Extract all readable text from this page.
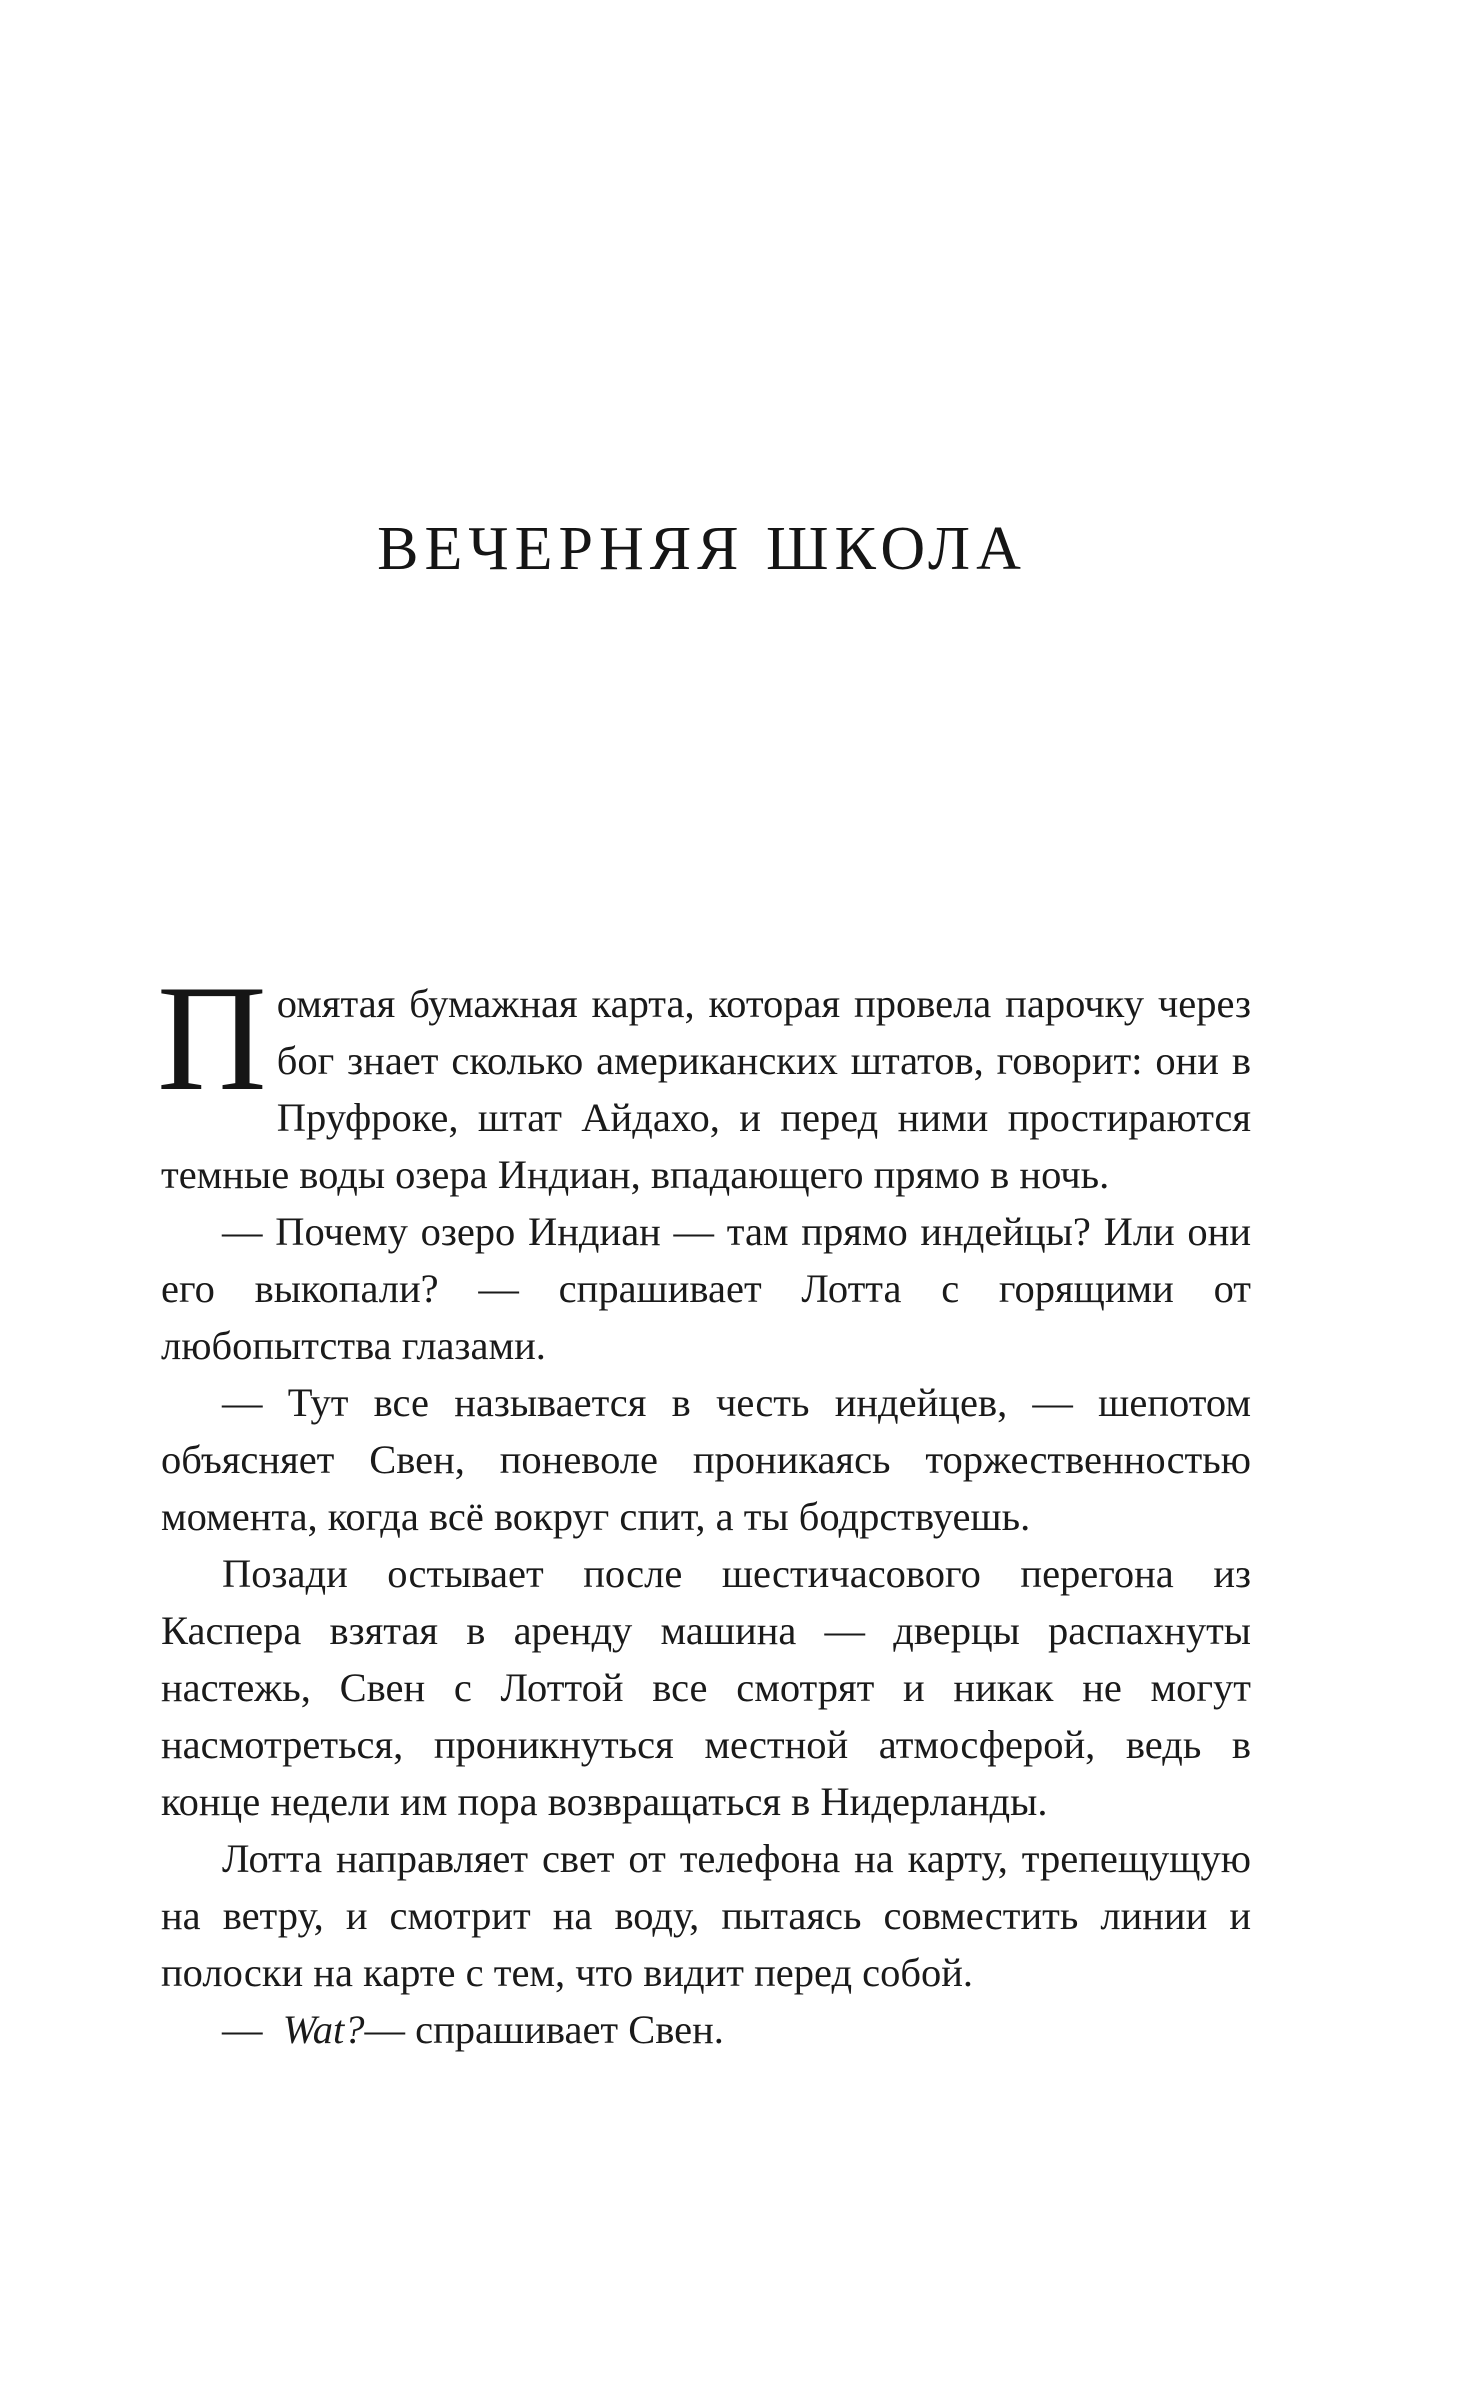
ВЕЧЕРНЯЯ ШКОЛА

Помятая бумажная карта, которая провела парочку через бог знает сколько американских штатов, говорит: они в Пруфроке, штат Айдахо, и перед ними простираются темные воды озера Индиан, впадающего прямо в ночь.

— Почему озеро Индиан — там прямо индейцы? Или они его выкопали? — спрашивает Лотта с горящими от любопытства глазами.

— Тут все называется в честь индейцев, — шепотом объясняет Свен, поневоле проникаясь торжественностью момента, когда всё вокруг спит, а ты бодрствуешь.

Позади остывает после шестичасового перегона из Каспера взятая в аренду машина — дверцы распахнуты настежь, Свен с Лоттой все смотрят и никак не могут насмотреться, проникнуться местной атмосферой, ведь в конце недели им пора возвращаться в Нидерланды.

Лотта направляет свет от телефона на карту, трепещущую на ветру, и смотрит на воду, пытаясь совместить линии и полоски на карте с тем, что видит перед собой.

— Wat?— спрашивает Свен.
